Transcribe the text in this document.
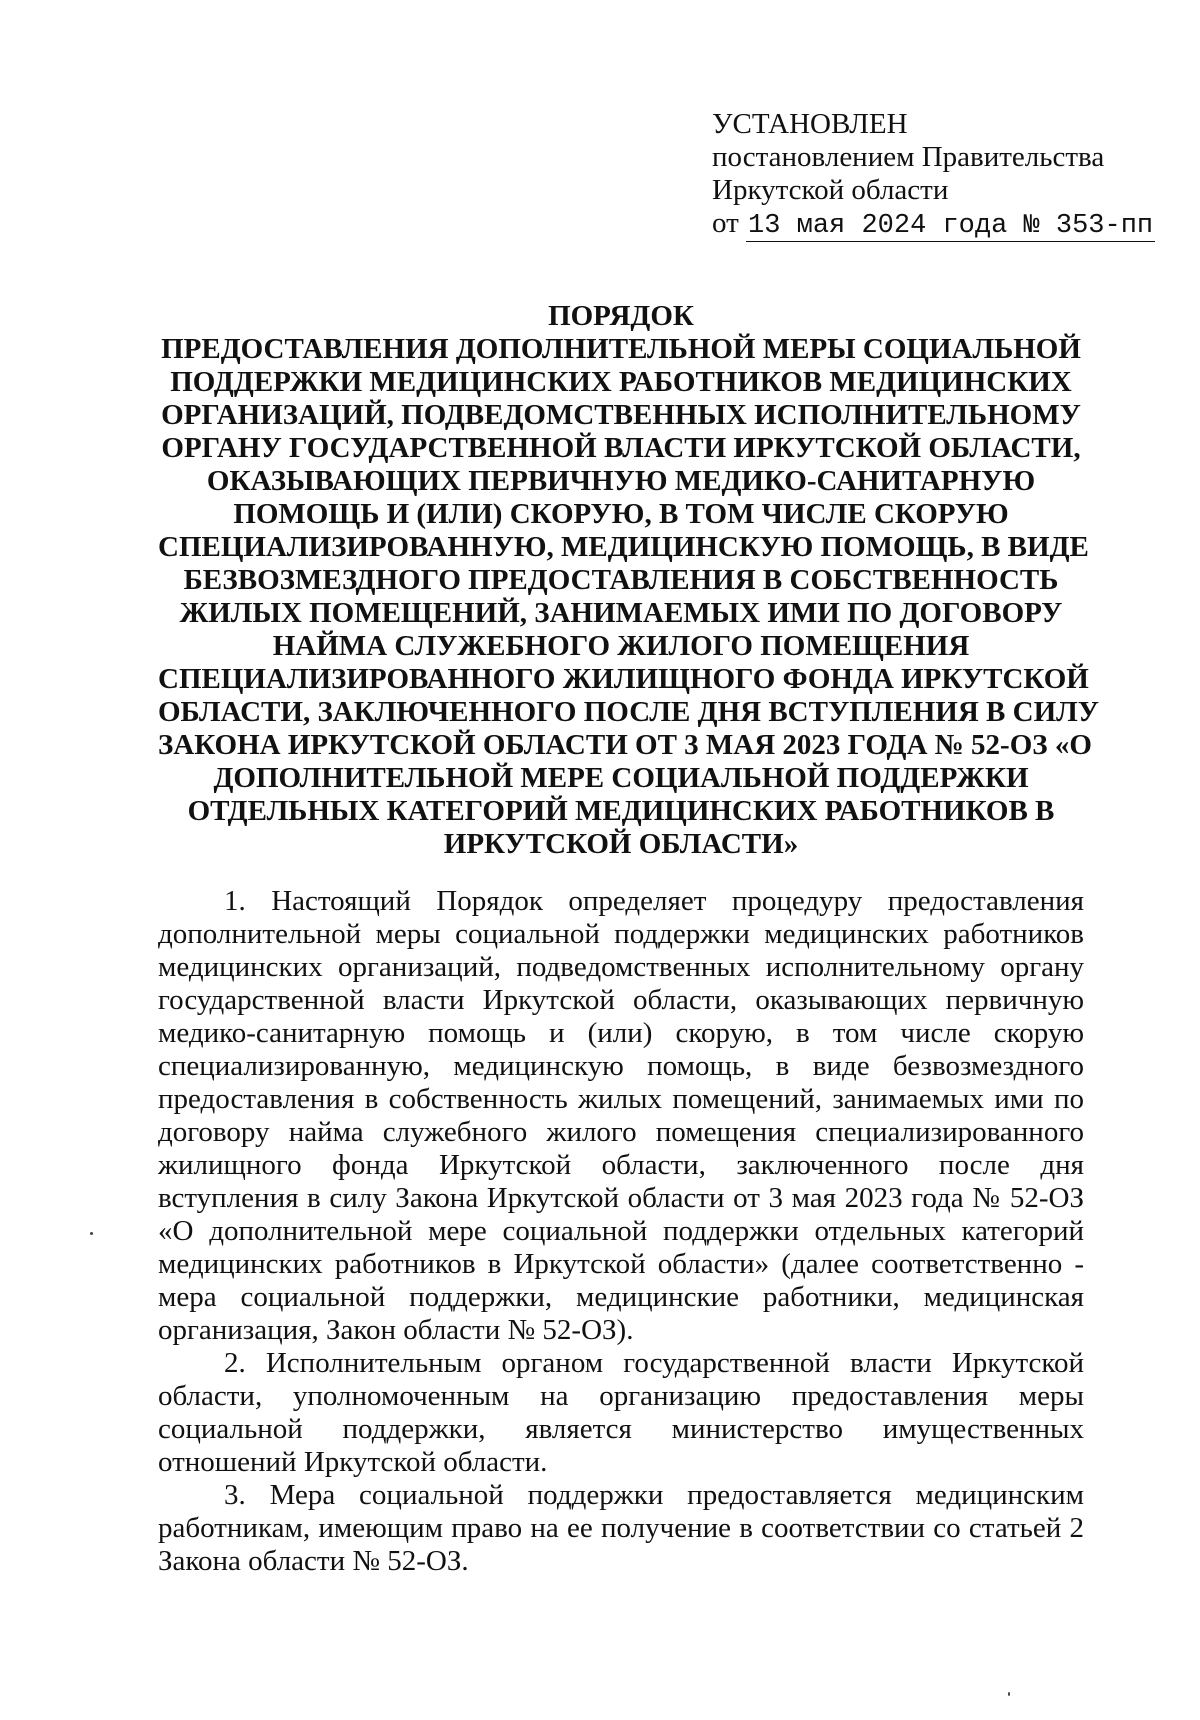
УСТАНОВЛЕН
постановлением Правительства
Иркутской области
от 13 мая 2024 года № 353-пп
ПОРЯДОК
ПРЕДОСТАВЛЕНИЯ ДОПОЛНИТЕЛЬНОЙ МЕРЫ СОЦИАЛЬНОЙ
ПОДДЕРЖКИ МЕДИЦИНСКИХ РАБОТНИКОВ МЕДИЦИНСКИХ
ОРГАНИЗАЦИЙ, ПОДВЕДОМСТВЕННЫХ ИСПОЛНИТЕЛЬНОМУ
ОРГАНУ ГОСУДАРСТВЕННОЙ ВЛАСТИ ИРКУТСКОЙ ОБЛАСТИ,
ОКАЗЫВАЮЩИХ ПЕРВИЧНУЮ МЕДИКО-САНИТАРНУЮ
ПОМОЩЬ И (ИЛИ) СКОРУЮ, В ТОМ ЧИСЛЕ СКОРУЮ
СПЕЦИАЛИЗИРОВАННУЮ, МЕДИЦИНСКУЮ ПОМОЩЬ, В ВИДЕ
БЕЗВОЗМЕЗДНОГО ПРЕДОСТАВЛЕНИЯ В СОБСТВЕННОСТЬ
ЖИЛЫХ ПОМЕЩЕНИЙ, ЗАНИМАЕМЫХ ИМИ ПО ДОГОВОРУ
НАЙМА СЛУЖЕБНОГО ЖИЛОГО ПОМЕЩЕНИЯ
СПЕЦИАЛИЗИРОВАННОГО ЖИЛИЩНОГО ФОНДА ИРКУТСКОЙ
ОБЛАСТИ, ЗАКЛЮЧЕННОГО ПОСЛЕ ДНЯ ВСТУПЛЕНИЯ В СИЛУ
ЗАКОНА ИРКУТСКОЙ ОБЛАСТИ ОТ 3 МАЯ 2023 ГОДА № 52-ОЗ «О
ДОПОЛНИТЕЛЬНОЙ МЕРЕ СОЦИАЛЬНОЙ ПОДДЕРЖКИ
ОТДЕЛЬНЫХ КАТЕГОРИЙ МЕДИЦИНСКИХ РАБОТНИКОВ В
ИРКУТСКОЙ ОБЛАСТИ»

1. Настоящий Порядок определяет процедуру предоставления дополнительной меры социальной поддержки медицинских работников медицинских организаций, подведомственных исполнительному органу государственной власти Иркутской области, оказывающих первичную медико-санитарную помощь и (или) скорую, в том числе скорую специализированную, медицинскую помощь, в виде безвозмездного предоставления в собственность жилых помещений, занимаемых ими по договору найма служебного жилого помещения специализированного жилищного фонда Иркутской области, заключенного после дня вступления в силу Закона Иркутской области от 3 мая 2023 года № 52-ОЗ «О дополнительной мере социальной поддержки отдельных категорий медицинских работников в Иркутской области» (далее соответственно - мера социальной поддержки, медицинские работники, медицинская организация, Закон области № 52-ОЗ).

2. Исполнительным органом государственной власти Иркутской области, уполномоченным на организацию предоставления меры социальной поддержки, является министерство имущественных отношений Иркутской области.

3. Мера социальной поддержки предоставляется медицинским работникам, имеющим право на ее получение в соответствии со статьей 2 Закона области № 52-ОЗ.
